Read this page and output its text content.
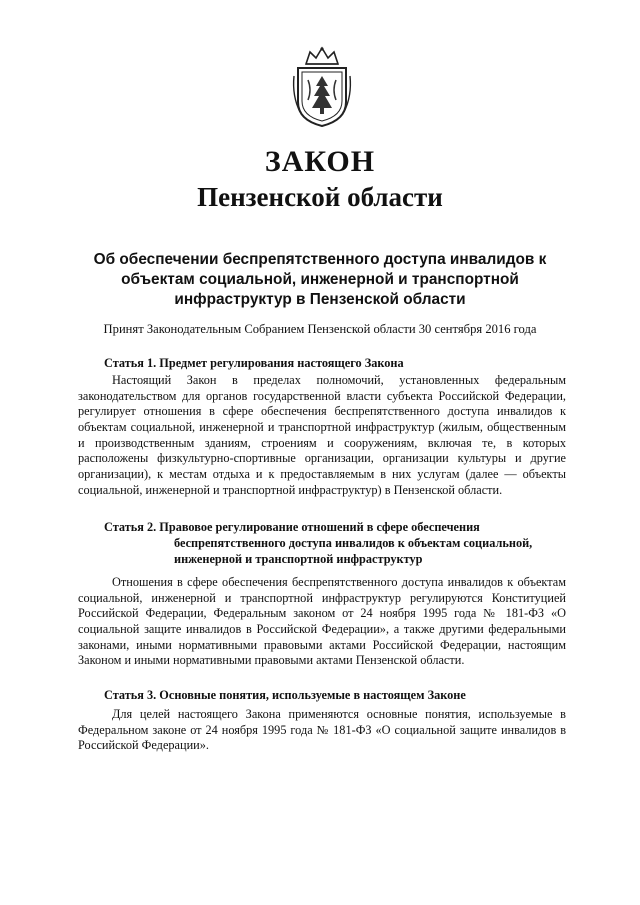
ЗАКОН
Пензенской области
Об обеспечении беспрепятственного доступа инвалидов к объектам социальной, инженерной и транспортной инфраструктур в Пензенской области
Принят Законодательным Собранием Пензенской области 30 сентября 2016 года
Статья 1. Предмет регулирования настоящего Закона
Настоящий Закон в пределах полномочий, установленных федеральным законодательством для органов государственной власти субъекта Российской Федерации, регулирует отношения в сфере обеспечения беспрепятственного доступа инвалидов к объектам социальной, инженерной и транспортной инфраструктур (жилым, общественным и производственным зданиям, строениям и сооружениям, включая те, в которых расположены физкультурно-спортивные организации, организации культуры и другие организации), к местам отдыха и к предоставляемым в них услугам (далее — объекты социальной, инженерной и транспортной инфраструктур) в Пензенской области.
Статья 2. Правовое регулирование отношений в сфере обеспечения
беспрепятственного доступа инвалидов к объектам социальной, инженерной и транспортной инфраструктур
Отношения в сфере обеспечения беспрепятственного доступа инвалидов к объектам социальной, инженерной и транспортной инфраструктур регулируются Конституцией Российской Федерации, Федеральным законом от 24 ноября 1995 года № 181-ФЗ «О социальной защите инвалидов в Российской Федерации», а также другими федеральными законами, иными нормативными правовыми актами Российской Федерации, настоящим Законом и иными нормативными правовыми актами Пензенской области.
Статья 3. Основные понятия, используемые в настоящем Законе
Для целей настоящего Закона применяются основные понятия, используемые в Федеральном законе от 24 ноября 1995 года № 181-ФЗ «О социальной защите инвалидов в Российской Федерации».
